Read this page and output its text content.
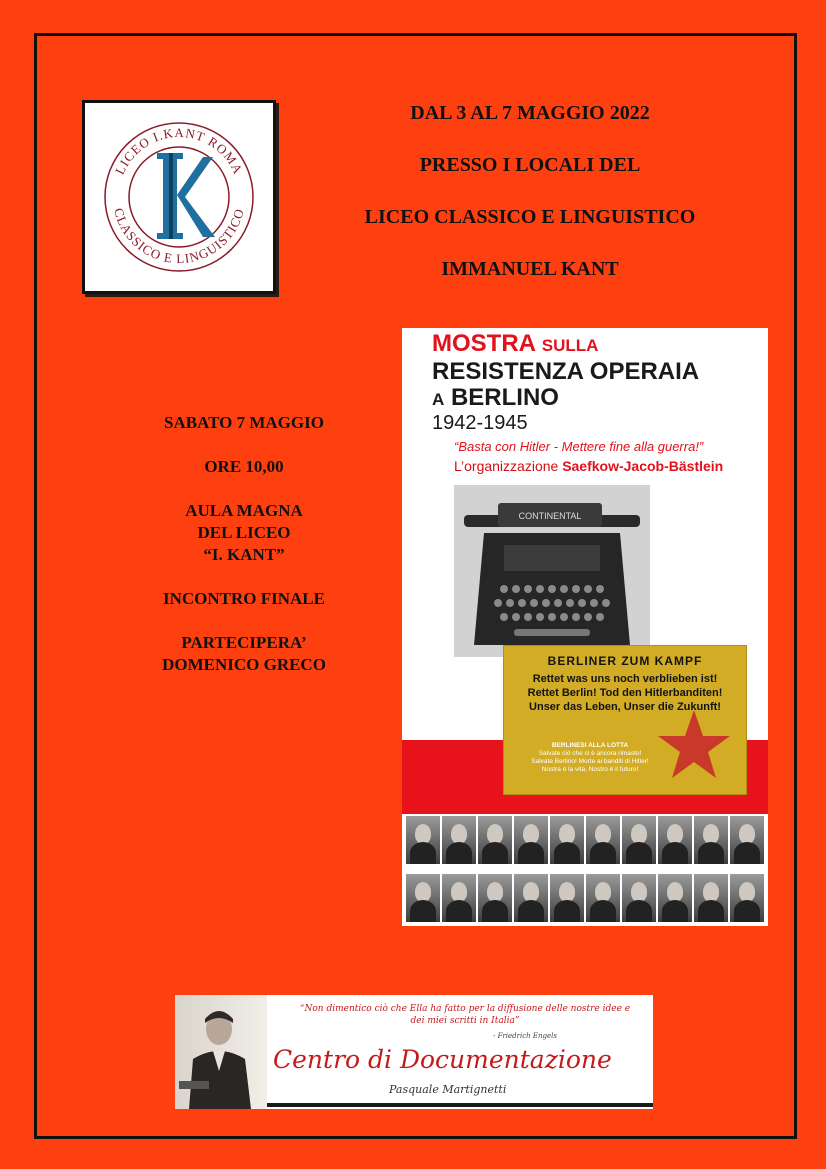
LICEO I.KANT ROMA
CLASSICO E LINGUISTICO
DAL 3 AL 7 MAGGIO 2022
PRESSO I LOCALI DEL
LICEO CLASSICO E LINGUISTICO
IMMANUEL KANT
SABATO 7 MAGGIO
ORE 10,00
AULA MAGNA
DEL LICEO
“I. KANT”
INCONTRO FINALE
PARTECIPERA’
DOMENICO GRECO
MOSTRA SULLA
RESISTENZA OPERAIA
A BERLINO
1942-1945
“Basta con Hitler - Mettere fine alla guerra!”
L’organizzazione Saefkow-Jacob-Bästlein
CONTINENTAL
BERLINER ZUM KAMPF
Rettet was uns noch verblieben ist!
Rettet Berlin! Tod den Hitlerbanditen!
Unser das Leben, Unser die Zukunft!
BERLINESI ALLA LOTTA
Salvate ciò che ci è ancora rimasto!
Salvate Berlino! Morte ai banditi di Hitler!
Nostra è la vita, Nostro è il futuro!
“Non dimentico ciò che Ella ha fatto per la diffusione delle nostre idee e dei miei scritti in Italia”
- Friedrich Engels
Centro di Documentazione
Pasquale Martignetti
